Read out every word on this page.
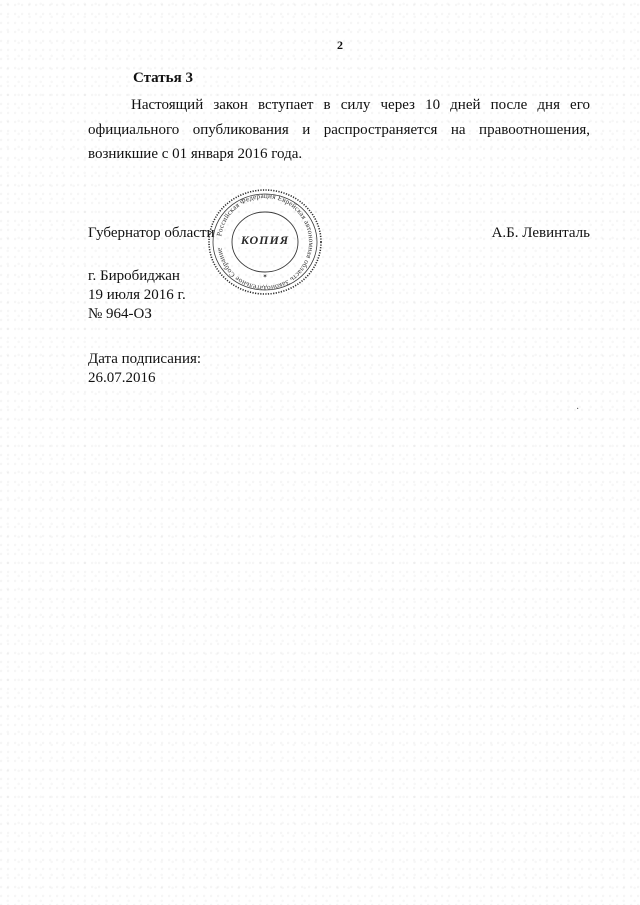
2
Статья 3

Настоящий закон вступает в силу через 10 дней после дня его официального опубликования и распространяется на правоотношения, возникшие с 01 января 2016 года.

Губернатор области	А.Б. Левинталь
г. Биробиджан
19 июля 2016 г.
№ 964-ОЗ
Дата подписания:
26.07.2016
Российская Федерация Еврейская автономная область Законодательное Собрание
КОПИЯ
✶
·
